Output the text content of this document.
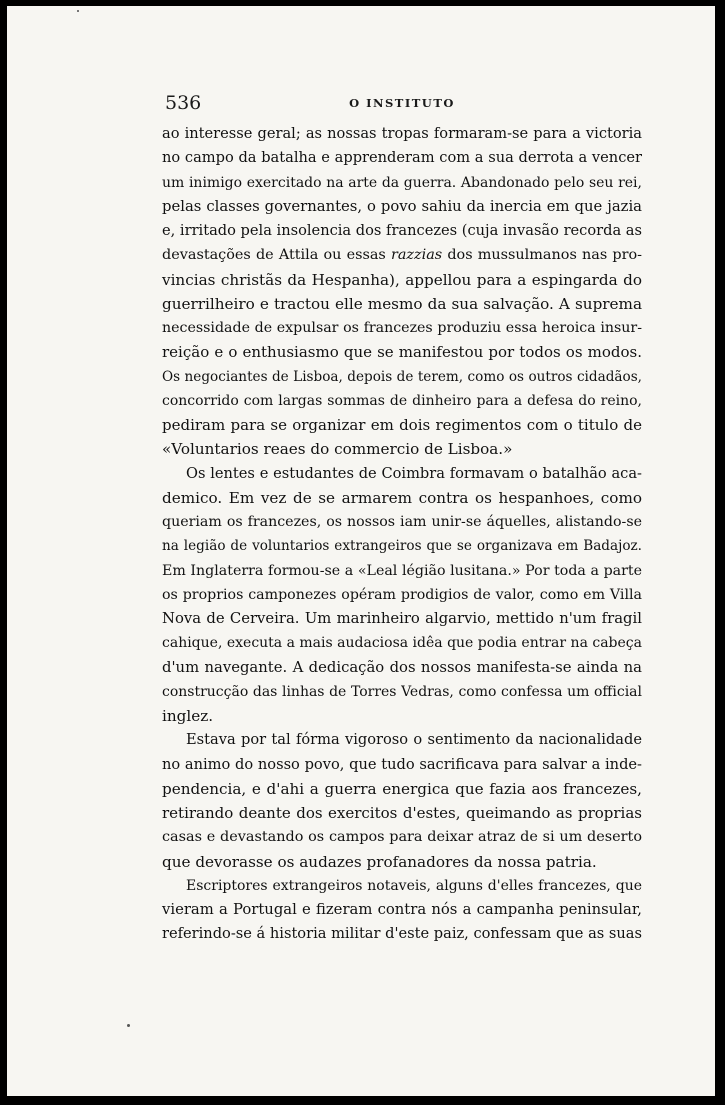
536	O INSTITUTO
ao interesse geral; as nossas tropas formaram-se para a victoria
no campo da batalha e apprenderam com a sua derrota a vencer
um inimigo exercitado na arte da guerra. Abandonado pelo seu rei,
pelas classes governantes, o povo sahiu da inercia em que jazia
e, irritado pela insolencia dos francezes (cuja invasão recorda as
devastações de Attila ou essas razzias dos mussulmanos nas pro-
vincias christãs da Hespanha), appellou para a espingarda do
guerrilheiro e tractou elle mesmo da sua salvação. A suprema
necessidade de expulsar os francezes produziu essa heroica insur-
reição e o enthusiasmo que se manifestou por todos os modos.
Os negociantes de Lisboa, depois de terem, como os outros cidadãos,
concorrido com largas sommas de dinheiro para a defesa do reino,
pediram para se organizar em dois regimentos com o titulo de
«Voluntarios reaes do commercio de Lisboa.»
Os lentes e estudantes de Coimbra formavam o batalhão aca-
demico. Em vez de se armarem contra os hespanhoes, como
queriam os francezes, os nossos iam unir-se áquelles, alistando-se
na legião de voluntarios extrangeiros que se organizava em Badajoz.
Em Inglaterra formou-se a «Leal légião lusitana.» Por toda a parte
os proprios camponezes opéram prodigios de valor, como em Villa
Nova de Cerveira. Um marinheiro algarvio, mettido n'um fragil
cahique, executa a mais audaciosa idêa que podia entrar na cabeça
d'um navegante. A dedicação dos nossos manifesta-se ainda na
construcção das linhas de Torres Vedras, como confessa um official
inglez.
Estava por tal fórma vigoroso o sentimento da nacionalidade
no animo do nosso povo, que tudo sacrificava para salvar a inde-
pendencia, e d'ahi a guerra energica que fazia aos francezes,
retirando deante dos exercitos d'estes, queimando as proprias
casas e devastando os campos para deixar atraz de si um deserto
que devorasse os audazes profanadores da nossa patria.
Escriptores extrangeiros notaveis, alguns d'elles francezes, que
vieram a Portugal e fizeram contra nós a campanha peninsular,
referindo-se á historia militar d'este paiz, confessam que as suas
